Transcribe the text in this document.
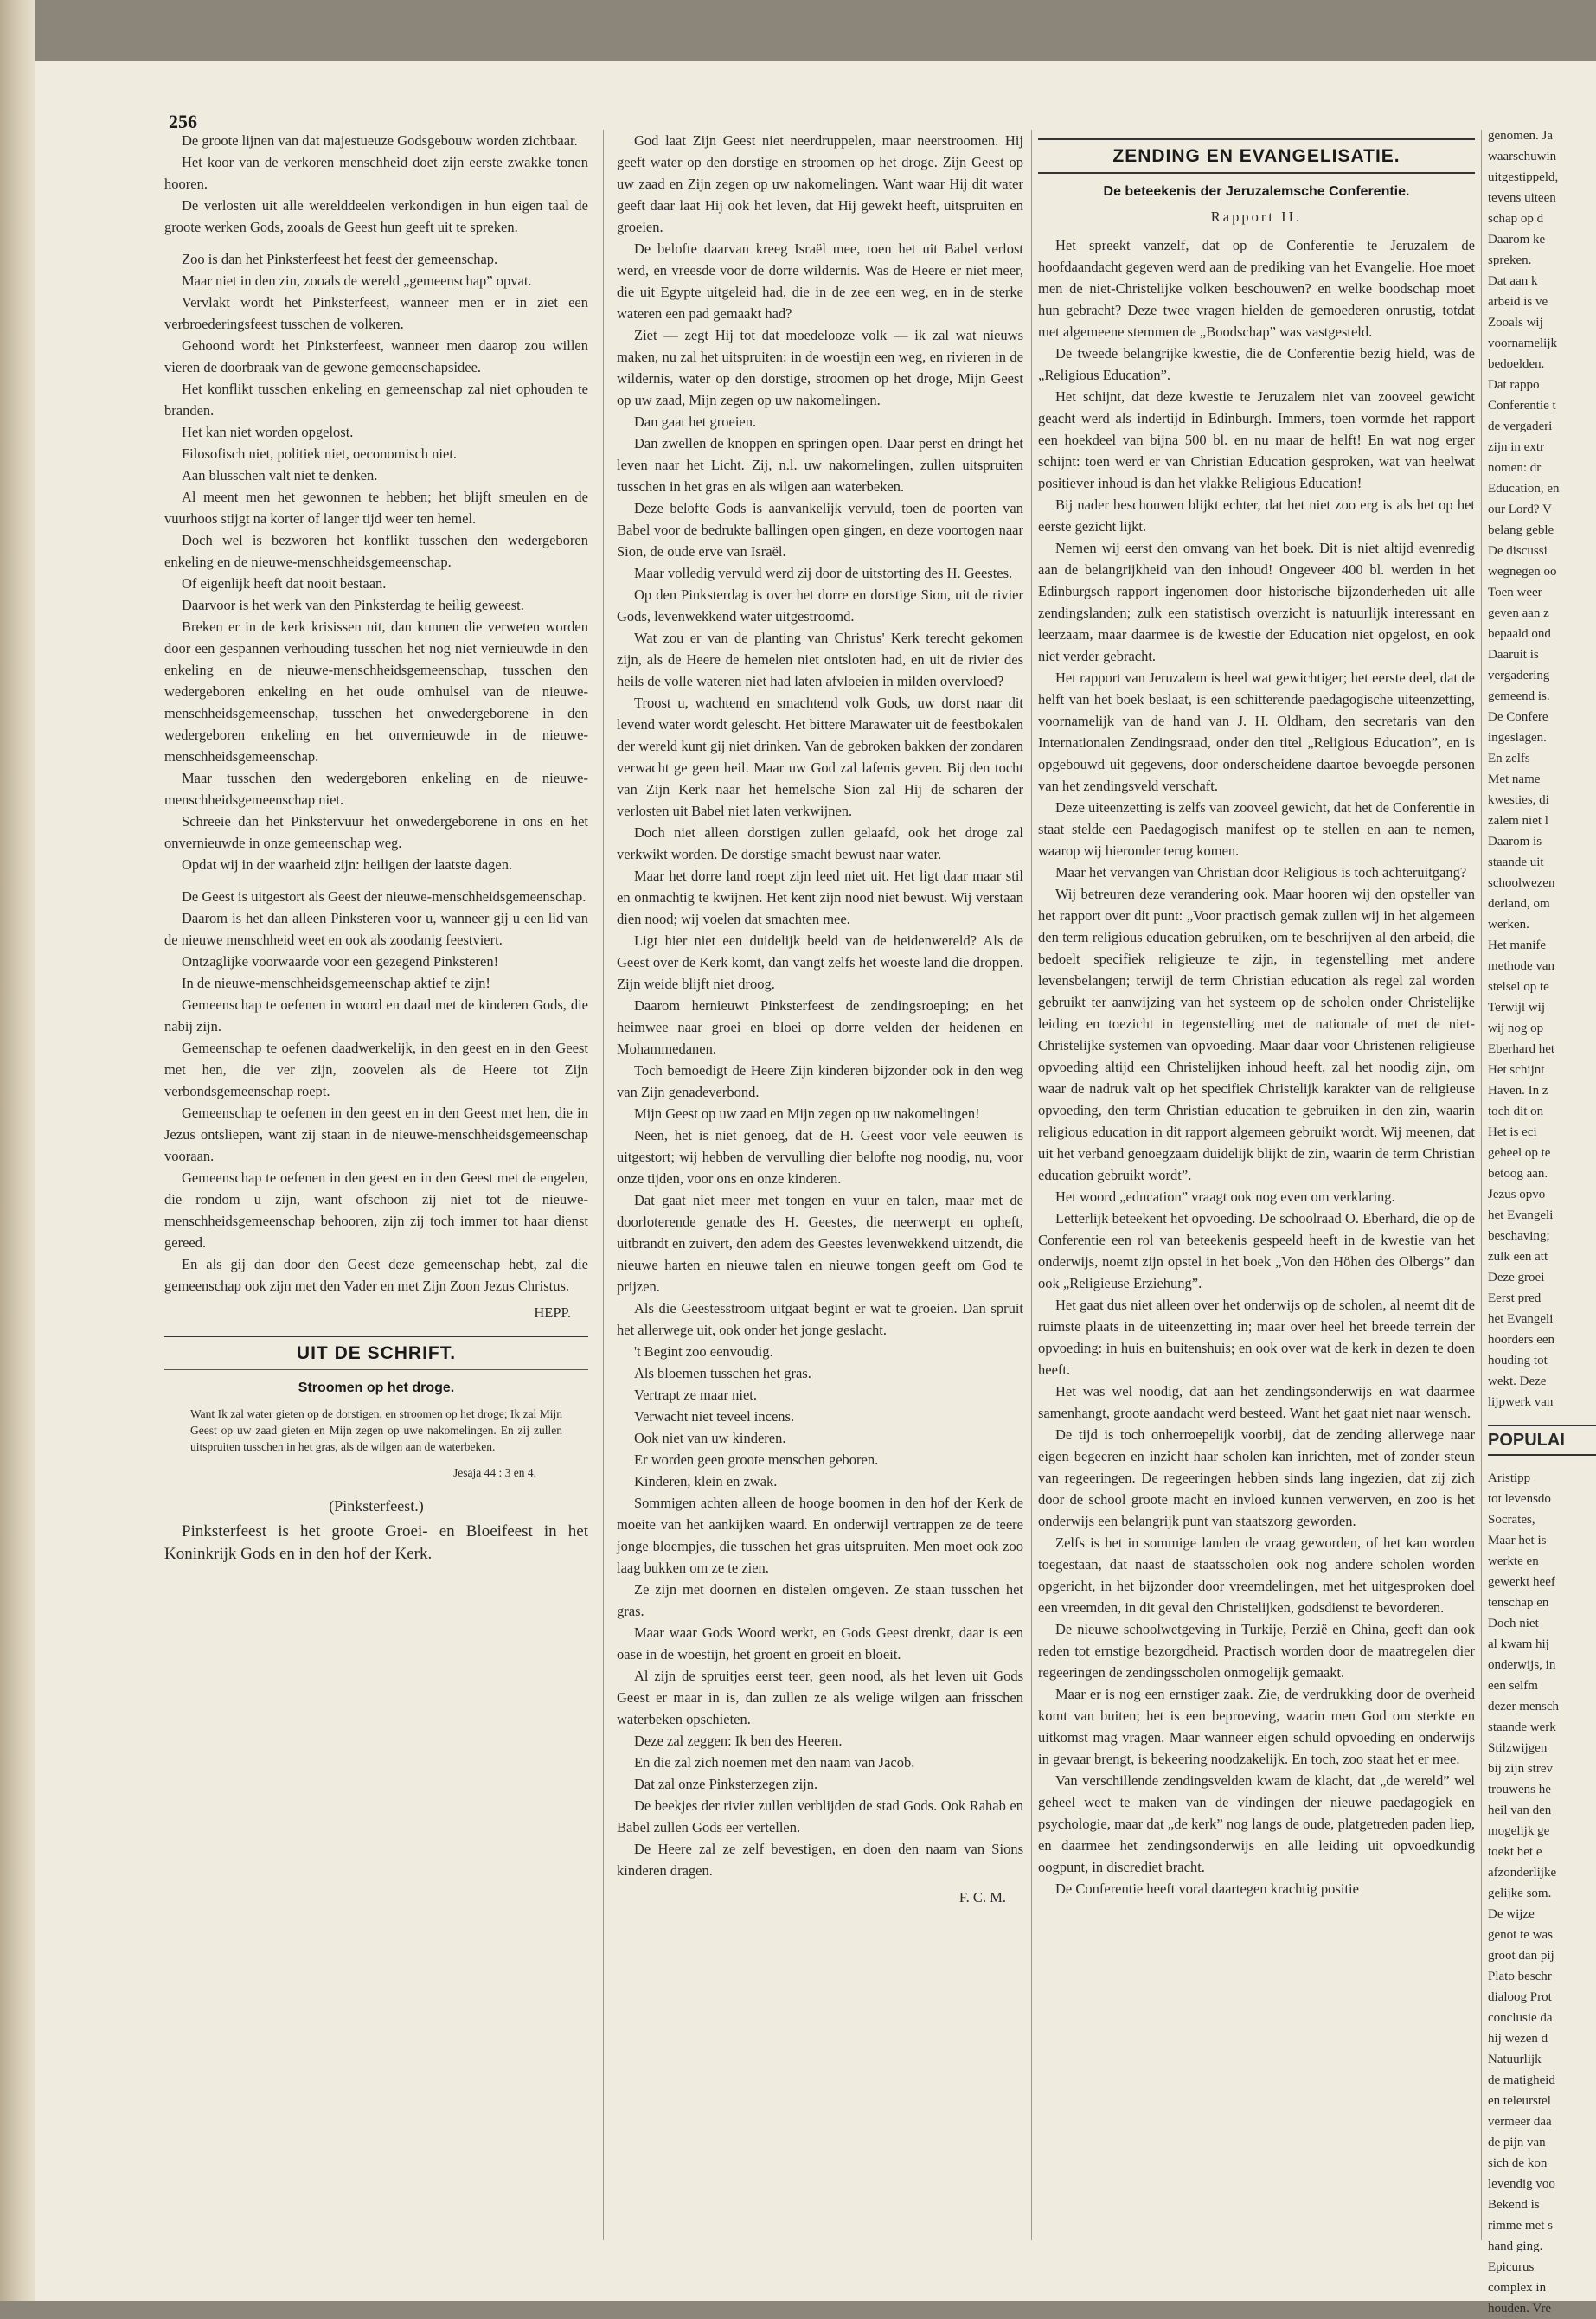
256

De groote lijnen van dat majestueuze Godsgebouw worden zichtbaar.

Het koor van de verkoren menschheid doet zijn eerste zwakke tonen hooren.

De verlosten uit alle werelddeelen verkondigen in hun eigen taal de groote werken Gods, zooals de Geest hun geeft uit te spreken.

Zoo is dan het Pinksterfeest het feest der gemeenschap.

Maar niet in den zin, zooals de wereld „gemeenschap” opvat.

Vervlakt wordt het Pinksterfeest, wanneer men er in ziet een verbroederingsfeest tusschen de volkeren.

Gehoond wordt het Pinksterfeest, wanneer men daarop zou willen vieren de doorbraak van de gewone gemeenschapsidee.

Het konflikt tusschen enkeling en gemeenschap zal niet ophouden te branden.

Het kan niet worden opgelost.

Filosofisch niet, politiek niet, oeconomisch niet.

Aan blusschen valt niet te denken.

Al meent men het gewonnen te hebben; het blijft smeulen en de vuurhoos stijgt na korter of langer tijd weer ten hemel.

Doch wel is bezworen het konflikt tusschen den wedergeboren enkeling en de nieuwe-menschheidsgemeenschap.

Of eigenlijk heeft dat nooit bestaan.

Daarvoor is het werk van den Pinksterdag te heilig geweest.

Breken er in de kerk krisissen uit, dan kunnen die verweten worden door een gespannen verhouding tusschen het nog niet vernieuwde in den enkeling en de nieuwe-menschheidsgemeenschap, tusschen den wedergeboren enkeling en het oude omhulsel van de nieuwe-menschheidsgemeenschap, tusschen het onwedergeborene in den wedergeboren enkeling en het onvernieuwde in de nieuwe-menschheidsgemeenschap.

Maar tusschen den wedergeboren enkeling en de nieuwe-menschheidsgemeenschap niet.

Schreeie dan het Pinkstervuur het onwedergeborene in ons en het onvernieuwde in onze gemeenschap weg.

Opdat wij in der waarheid zijn: heiligen der laatste dagen.

De Geest is uitgestort als Geest der nieuwe-menschheidsgemeenschap.

Daarom is het dan alleen Pinksteren voor u, wanneer gij u een lid van de nieuwe menschheid weet en ook als zoodanig feestviert.

Ontzaglijke voorwaarde voor een gezegend Pinksteren!

In de nieuwe-menschheidsgemeenschap aktief te zijn!

Gemeenschap te oefenen in woord en daad met de kinderen Gods, die nabij zijn.

Gemeenschap te oefenen daadwerkelijk, in den geest en in den Geest met hen, die ver zijn, zoovelen als de Heere tot Zijn verbondsgemeenschap roept.

Gemeenschap te oefenen in den geest en in den Geest met hen, die in Jezus ontsliepen, want zij staan in de nieuwe-menschheidsgemeenschap vooraan.

Gemeenschap te oefenen in den geest en in den Geest met de engelen, die rondom u zijn, want ofschoon zij niet tot de nieuwe-menschheidsgemeenschap behooren, zijn zij toch immer tot haar dienst gereed.

En als gij dan door den Geest deze gemeenschap hebt, zal die gemeenschap ook zijn met den Vader en met Zijn Zoon Jezus Christus.

HEPP.
UIT DE SCHRIFT.
Stroomen op het droge.
Want Ik zal water gieten op de dorstigen, en stroomen op het droge; Ik zal Mijn Geest op uw zaad gieten en Mijn zegen op uwe nakomelingen. En zij zullen uitspruiten tusschen in het gras, als de wilgen aan de waterbeken.
Jesaja 44 : 3 en 4.
(Pinksterfeest.)

Pinksterfeest is het groote Groei- en Bloeifeest in het Koninkrijk Gods en in den hof der Kerk.

God laat Zijn Geest niet neerdruppelen, maar neerstroomen. Hij geeft water op den dorstige en stroomen op het droge. Zijn Geest op uw zaad en Zijn zegen op uw nakomelingen. Want waar Hij dit water geeft daar laat Hij ook het leven, dat Hij gewekt heeft, uitspruiten en groeien.

De belofte daarvan kreeg Israël mee, toen het uit Babel verlost werd, en vreesde voor de dorre wildernis. Was de Heere er niet meer, die uit Egypte uitgeleid had, die in de zee een weg, en in de sterke wateren een pad gemaakt had?

Ziet — zegt Hij tot dat moedelooze volk — ik zal wat nieuws maken, nu zal het uitspruiten: in de woestijn een weg, en rivieren in de wildernis, water op den dorstige, stroomen op het droge, Mijn Geest op uw zaad, Mijn zegen op uw nakomelingen.

Dan gaat het groeien.

Dan zwellen de knoppen en springen open. Daar perst en dringt het leven naar het Licht. Zij, n.l. uw nakomelingen, zullen uitspruiten tusschen in het gras en als wilgen aan waterbeken.

Deze belofte Gods is aanvankelijk vervuld, toen de poorten van Babel voor de bedrukte ballingen open gingen, en deze voortogen naar Sion, de oude erve van Israël.

Maar volledig vervuld werd zij door de uitstorting des H. Geestes.

Op den Pinksterdag is over het dorre en dorstige Sion, uit de rivier Gods, levenwekkend water uitgestroomd.

Wat zou er van de planting van Christus' Kerk terecht gekomen zijn, als de Heere de hemelen niet ontsloten had, en uit de rivier des heils de volle wateren niet had laten afvloeien in milden overvloed?

Troost u, wachtend en smachtend volk Gods, uw dorst naar dit levend water wordt gelescht. Het bittere Marawater uit de feestbokalen der wereld kunt gij niet drinken. Van de gebroken bakken der zondaren verwacht ge geen heil. Maar uw God zal lafenis geven. Bij den tocht van Zijn Kerk naar het hemelsche Sion zal Hij de scharen der verlosten uit Babel niet laten verkwijnen.

Doch niet alleen dorstigen zullen gelaafd, ook het droge zal verkwikt worden. De dorstige smacht bewust naar water.

Maar het dorre land roept zijn leed niet uit. Het ligt daar maar stil en onmachtig te kwijnen. Het kent zijn nood niet bewust. Wij verstaan dien nood; wij voelen dat smachten mee.

Ligt hier niet een duidelijk beeld van de heidenwereld? Als de Geest over de Kerk komt, dan vangt zelfs het woeste land die droppen. Zijn weide blijft niet droog.

Daarom hernieuwt Pinksterfeest de zendingsroeping; en het heimwee naar groei en bloei op dorre velden der heidenen en Mohammedanen.

Toch bemoedigt de Heere Zijn kinderen bijzonder ook in den weg van Zijn genadeverbond.

Mijn Geest op uw zaad en Mijn zegen op uw nakomelingen!

Neen, het is niet genoeg, dat de H. Geest voor vele eeuwen is uitgestort; wij hebben de vervulling dier belofte nog noodig, nu, voor onze tijden, voor ons en onze kinderen.

Dat gaat niet meer met tongen en vuur en talen, maar met de doorloterende genade des H. Geestes, die neerwerpt en opheft, uitbrandt en zuivert, den adem des Geestes levenwekkend uitzendt, die nieuwe harten en nieuwe talen en nieuwe tongen geeft om God te prijzen.

Als die Geestesstroom uitgaat begint er wat te groeien. Dan spruit het allerwege uit, ook onder het jonge geslacht.

't Begint zoo eenvoudig.

Als bloemen tusschen het gras.

Vertrapt ze maar niet.

Verwacht niet teveel incens.

Ook niet van uw kinderen.

Er worden geen groote menschen geboren.

Kinderen, klein en zwak.

Sommigen achten alleen de hooge boomen in den hof der Kerk de moeite van het aankijken waard. En onderwijl vertrappen ze de teere jonge bloempjes, die tusschen het gras uitspruiten. Men moet ook zoo laag bukken om ze te zien.

Ze zijn met doornen en distelen omgeven. Ze staan tusschen het gras.

Maar waar Gods Woord werkt, en Gods Geest drenkt, daar is een oase in de woestijn, het groent en groeit en bloeit.

Al zijn de spruitjes eerst teer, geen nood, als het leven uit Gods Geest er maar in is, dan zullen ze als welige wilgen aan frisschen waterbeken opschieten.

Deze zal zeggen: Ik ben des Heeren.

En die zal zich noemen met den naam van Jacob.

Dat zal onze Pinksterzegen zijn.

De beekjes der rivier zullen verblijden de stad Gods. Ook Rahab en Babel zullen Gods eer vertellen.

De Heere zal ze zelf bevestigen, en doen den naam van Sions kinderen dragen.

F. C. M.
ZENDING EN EVANGELISATIE.
De beteekenis der Jeruzalemsche Conferentie.
Rapport II.

Het spreekt vanzelf, dat op de Conferentie te Jeruzalem de hoofdaandacht gegeven werd aan de prediking van het Evangelie. Hoe moet men de niet-Christelijke volken beschouwen? en welke boodschap moet hun gebracht? Deze twee vragen hielden de gemoederen onrustig, totdat met algemeene stemmen de „Boodschap” was vastgesteld.

De tweede belangrijke kwestie, die de Conferentie bezig hield, was de „Religious Education”.

Het schijnt, dat deze kwestie te Jeruzalem niet van zooveel gewicht geacht werd als indertijd in Edinburgh. Immers, toen vormde het rapport een hoekdeel van bijna 500 bl. en nu maar de helft! En wat nog erger schijnt: toen werd er van Christian Education gesproken, wat van heelwat positiever inhoud is dan het vlakke Religious Education!

Bij nader beschouwen blijkt echter, dat het niet zoo erg is als het op het eerste gezicht lijkt.

Nemen wij eerst den omvang van het boek. Dit is niet altijd evenredig aan de belangrijkheid van den inhoud! Ongeveer 400 bl. werden in het Edinburgsch rapport ingenomen door historische bijzonderheden uit alle zendingslanden; zulk een statistisch overzicht is natuurlijk interessant en leerzaam, maar daarmee is de kwestie der Education niet opgelost, en ook niet verder gebracht.

Het rapport van Jeruzalem is heel wat gewichtiger; het eerste deel, dat de helft van het boek beslaat, is een schitterende paedagogische uiteenzetting, voornamelijk van de hand van J. H. Oldham, den secretaris van den Internationalen Zendingsraad, onder den titel „Religious Education”, en is opgebouwd uit gegevens, door onderscheidene daartoe bevoegde personen van het zendingsveld verschaft.

Deze uiteenzetting is zelfs van zooveel gewicht, dat het de Conferentie in staat stelde een Paedagogisch manifest op te stellen en aan te nemen, waarop wij hieronder terug komen.

Maar het vervangen van Christian door Religious is toch achteruitgang?

Wij betreuren deze verandering ook. Maar hooren wij den opsteller van het rapport over dit punt: „Voor practisch gemak zullen wij in het algemeen den term religious education gebruiken, om te beschrijven al den arbeid, die bedoelt specifiek religieuze te zijn, in tegenstelling met andere levensbelangen; terwijl de term Christian education als regel zal worden gebruikt ter aanwijzing van het systeem op de scholen onder Christelijke leiding en toezicht in tegenstelling met de nationale of met de niet-Christelijke systemen van opvoeding. Maar daar voor Christenen religieuse opvoeding altijd een Christelijken inhoud heeft, zal het noodig zijn, om waar de nadruk valt op het specifiek Christelijk karakter van de religieuse opvoeding, den term Christian education te gebruiken in den zin, waarin religious education in dit rapport algemeen gebruikt wordt. Wij meenen, dat uit het verband genoegzaam duidelijk blijkt de zin, waarin de term Christian education gebruikt wordt”.

Het woord „education” vraagt ook nog even om verklaring.

Letterlijk beteekent het opvoeding. De schoolraad O. Eberhard, die op de Conferentie een rol van beteekenis gespeeld heeft in de kwestie van het onderwijs, noemt zijn opstel in het boek „Von den Höhen des Olbergs” dan ook „Religieuse Erziehung”.

Het gaat dus niet alleen over het onderwijs op de scholen, al neemt dit de ruimste plaats in de uiteenzetting in; maar over heel het breede terrein der opvoeding: in huis en buitenshuis; en ook over wat de kerk in dezen te doen heeft.

Het was wel noodig, dat aan het zendingsonderwijs en wat daarmee samenhangt, groote aandacht werd besteed. Want het gaat niet naar wensch.

De tijd is toch onherroepelijk voorbij, dat de zending allerwege naar eigen begeeren en inzicht haar scholen kan inrichten, met of zonder steun van regeeringen. De regeeringen hebben sinds lang ingezien, dat zij zich door de school groote macht en invloed kunnen verwerven, en zoo is het onderwijs een belangrijk punt van staatszorg geworden.

Zelfs is het in sommige landen de vraag geworden, of het kan worden toegestaan, dat naast de staatsscholen ook nog andere scholen worden opgericht, in het bijzonder door vreemdelingen, met het uitgesproken doel een vreemden, in dit geval den Christelijken, godsdienst te bevorderen.

De nieuwe schoolwetgeving in Turkije, Perzië en China, geeft dan ook reden tot ernstige bezorgdheid. Practisch worden door de maatregelen dier regeeringen de zendingsscholen onmogelijk gemaakt.

Maar er is nog een ernstiger zaak. Zie, de verdrukking door de overheid komt van buiten; het is een beproeving, waarin men God om sterkte en uitkomst mag vragen. Maar wanneer eigen schuld opvoeding en onderwijs in gevaar brengt, is bekeering noodzakelijk. En toch, zoo staat het er mee.

Van verschillende zendingsvelden kwam de klacht, dat „de wereld” wel geheel weet te maken van de vindingen der nieuwe paedagogiek en psychologie, maar dat „de kerk” nog langs de oude, platgetreden paden liep, en daarmee het zendingsonderwijs en alle leiding uit opvoedkundig oogpunt, in discrediet bracht.

De Conferentie heeft voral daartegen krachtig positie

genomen. Ja

waarschuwin

uitgestippeld,

tevens uiteen

schap op d

Daarom ke

spreken.

Dat aan k

arbeid is ve

Zooals wij

voornamelijk

bedoelden.

Dat rappo

Conferentie t

de vergaderi

zijn in extr

nomen: dr

Education, en

our Lord? V

belang geble

De discussi

wegnegen oo

Toen weer

geven aan z

bepaald ond

Daaruit is

vergadering

gemeend is.

De Confere

ingeslagen.

En zelfs

Met name

kwesties, di

zalem niet l

Daarom is

staande uit

schoolwezen

derland, om

werken.

Het manife

methode van

stelsel op te

Terwijl wij

wij nog op

Eberhard het

Het schijnt

Haven. In z

toch dit on

Het is eci

geheel op te

betoog aan.

Jezus opvo

het Evangeli

beschaving;

zulk een att

Deze groei

Eerst pred

het Evangeli

hoorders een

houding tot

wekt. Deze

lijpwerk van

POPULAI

Aristipp

tot levensdo

Socrates,

Maar het is

werkte en

gewerkt heef

tenschap en

Doch niet

al kwam hij

onderwijs, in

een selfm

dezer mensch

staande werk

Stilzwijgen

bij zijn strev

trouwens he

heil van den

mogelijk ge

toekt het e

afzonderlijke

gelijke som.

De wijze

genot te was

groot dan pij

Plato beschr

dialoog Prot

conclusie da

hij wezen d

Natuurlijk

de matigheid

en teleurstel

vermeer daa

de pijn van

sich de kon

levendig voo

Bekend is

rimme met s

hand ging.

Epicurus

complex in

houden. Vre
